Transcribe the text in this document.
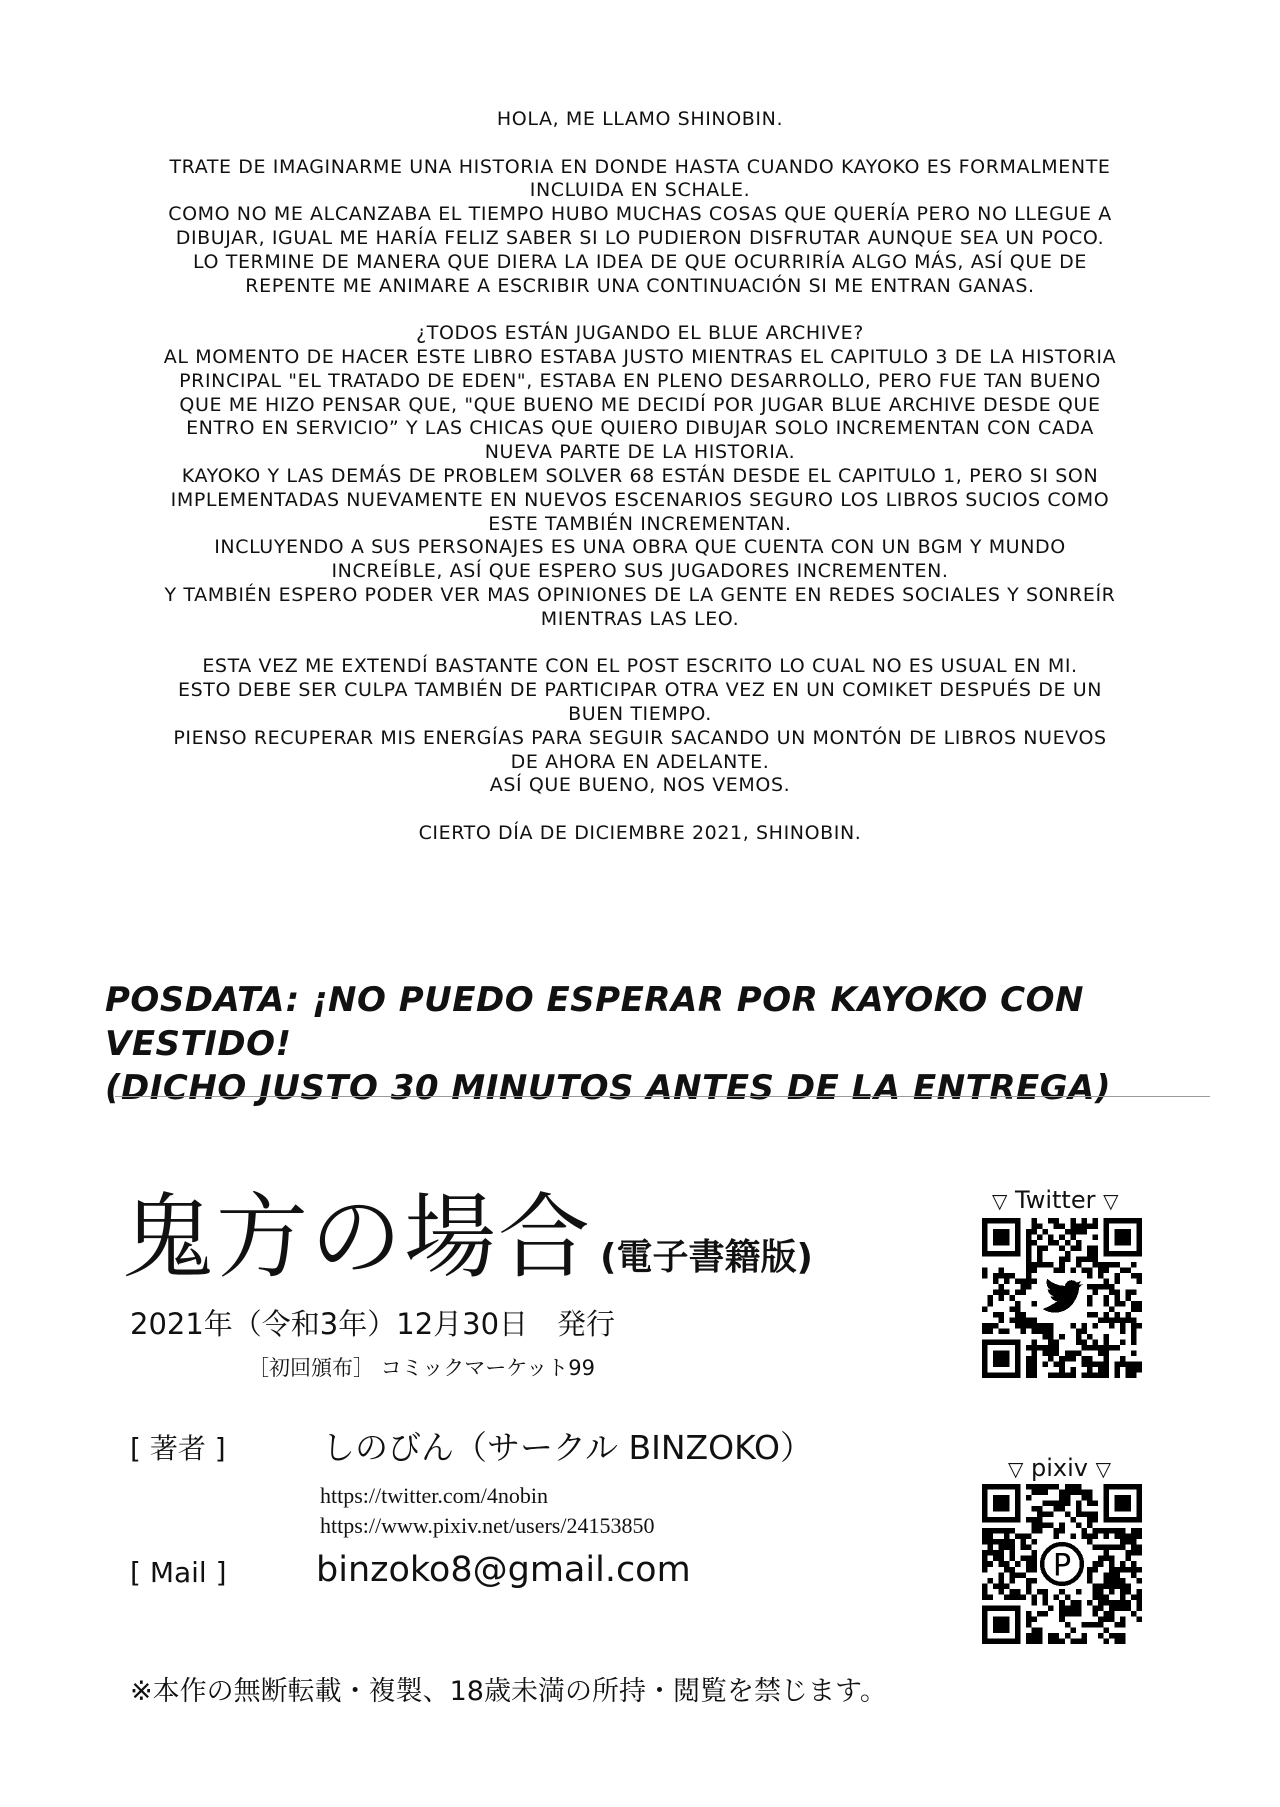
HOLA, ME LLAMO SHINOBIN.
TRATE DE IMAGINARME UNA HISTORIA EN DONDE HASTA CUANDO KAYOKO ES FORMALMENTE
INCLUIDA EN SCHALE.
COMO NO ME ALCANZABA EL TIEMPO HUBO MUCHAS COSAS QUE QUERÍA PERO NO LLEGUE A
DIBUJAR, IGUAL ME HARÍA FELIZ SABER SI LO PUDIERON DISFRUTAR AUNQUE SEA UN POCO.
LO TERMINE DE MANERA QUE DIERA LA IDEA DE QUE OCURRIRÍA ALGO MÁS, ASÍ QUE DE
REPENTE ME ANIMARE A ESCRIBIR UNA CONTINUACIÓN SI ME ENTRAN GANAS.
¿TODOS ESTÁN JUGANDO EL BLUE ARCHIVE?
AL MOMENTO DE HACER ESTE LIBRO ESTABA JUSTO MIENTRAS EL CAPITULO 3 DE LA HISTORIA
PRINCIPAL "EL TRATADO DE EDEN", ESTABA EN PLENO DESARROLLO, PERO FUE TAN BUENO
QUE ME HIZO PENSAR QUE, "QUE BUENO ME DECIDÍ POR JUGAR BLUE ARCHIVE DESDE QUE
ENTRO EN SERVICIO” Y LAS CHICAS QUE QUIERO DIBUJAR SOLO INCREMENTAN CON CADA
NUEVA PARTE DE LA HISTORIA.
KAYOKO Y LAS DEMÁS DE PROBLEM SOLVER 68 ESTÁN DESDE EL CAPITULO 1, PERO SI SON
IMPLEMENTADAS NUEVAMENTE EN NUEVOS ESCENARIOS SEGURO LOS LIBROS SUCIOS COMO
ESTE TAMBIÉN INCREMENTAN.
INCLUYENDO A SUS PERSONAJES ES UNA OBRA QUE CUENTA CON UN BGM Y MUNDO
INCREÍBLE, ASÍ QUE ESPERO SUS JUGADORES INCREMENTEN.
Y TAMBIÉN ESPERO PODER VER MAS OPINIONES DE LA GENTE EN REDES SOCIALES Y SONREÍR
MIENTRAS LAS LEO.
ESTA VEZ ME EXTENDÍ BASTANTE CON EL POST ESCRITO LO CUAL NO ES USUAL EN MI.
ESTO DEBE SER CULPA TAMBIÉN DE PARTICIPAR OTRA VEZ EN UN COMIKET DESPUÉS DE UN
BUEN TIEMPO.
PIENSO RECUPERAR MIS ENERGÍAS PARA SEGUIR SACANDO UN MONTÓN DE LIBROS NUEVOS
DE AHORA EN ADELANTE.
ASÍ QUE BUENO, NOS VEMOS.
CIERTO DÍA DE DICIEMBRE 2021, SHINOBIN.
POSDATA: ¡NO PUEDO ESPERAR POR KAYOKO CON VESTIDO!
(DICHO JUSTO 30 MINUTOS ANTES DE LA ENTREGA)
鬼方の場合 (電子書籍版)
2021年（令和3年）12月30日　発行
［初回頒布］ コミックマーケット99
[ 著者 ]	しのびん（サークル BINZOKO）
https://twitter.com/4nobin
https://www.pixiv.net/users/24153850
[ Mail ]	binzoko8@gmail.com
※本作の無断転載・複製、18歳未満の所持・閲覧を禁じます。
▽ Twitter ▽
▽ pixiv ▽
P
